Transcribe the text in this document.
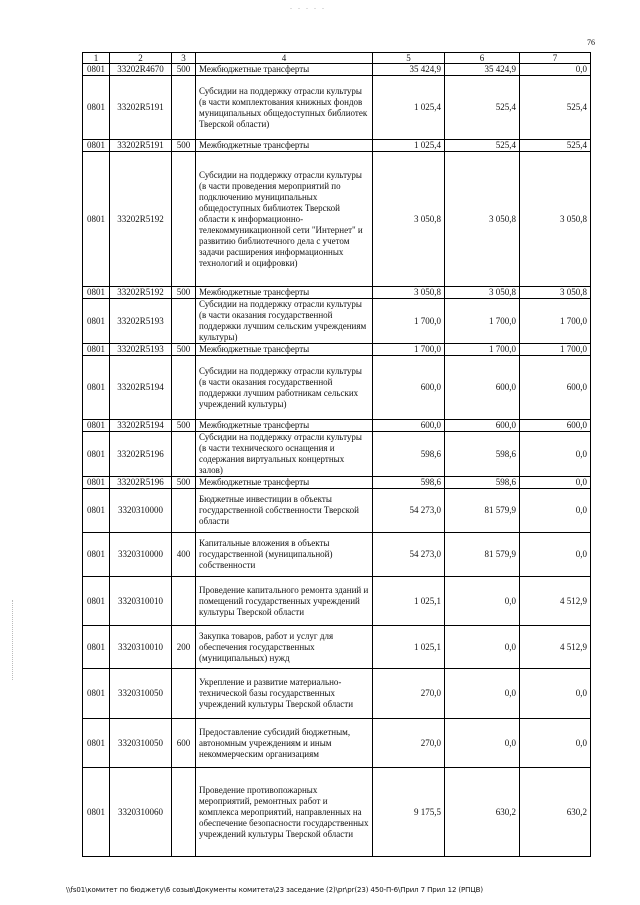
. . . . .
76
1	2	3	4	5	6	7
0801	33202R4670	500	Межбюджетные трансферты	35 424,9	35 424,9	0,0
0801	33202R5191		Субсидии на поддержку отрасли культуры (в части комплектования книжных фондов муниципальных общедоступных библиотек Тверской области)	1 025,4	525,4	525,4
0801	33202R5191	500	Межбюджетные трансферты	1 025,4	525,4	525,4
0801	33202R5192		Субсидии на поддержку отрасли культуры (в части проведения мероприятий по подключению муниципальных общедоступных библиотек Тверской области к информационно-телекоммуникационной сети "Интернет" и развитию библиотечного дела с учетом задачи расширения информационных технологий и оцифровки)	3 050,8	3 050,8	3 050,8
0801	33202R5192	500	Межбюджетные трансферты	3 050,8	3 050,8	3 050,8
0801	33202R5193		Субсидии на поддержку отрасли культуры (в части оказания государственной поддержки лучшим сельским учреждениям культуры)	1 700,0	1 700,0	1 700,0
0801	33202R5193	500	Межбюджетные трансферты	1 700,0	1 700,0	1 700,0
0801	33202R5194		Субсидии на поддержку отрасли культуры (в части оказания государственной поддержки лучшим работникам сельских учреждений культуры)	600,0	600,0	600,0
0801	33202R5194	500	Межбюджетные трансферты	600,0	600,0	600,0
0801	33202R5196		Субсидии на поддержку отрасли культуры (в части технического оснащения и содержания виртуальных концертных залов)	598,6	598,6	0,0
0801	33202R5196	500	Межбюджетные трансферты	598,6	598,6	0,0
0801	3320310000		Бюджетные инвестиции в объекты государственной собственности Тверской области	54 273,0	81 579,9	0,0
0801	3320310000	400	Капитальные вложения в объекты государственной (муниципальной) собственности	54 273,0	81 579,9	0,0
0801	3320310010		Проведение капитального ремонта зданий и помещений государственных учреждений культуры Тверской области	1 025,1	0,0	4 512,9
0801	3320310010	200	Закупка товаров, работ и услуг для обеспечения государственных (муниципальных) нужд	1 025,1	0,0	4 512,9
0801	3320310050		Укрепление и развитие материально-технической базы государственных учреждений культуры Тверской области	270,0	0,0	0,0
0801	3320310050	600	Предоставление субсидий бюджетным, автономным учреждениям и иным некоммерческим организациям	270,0	0,0	0,0
0801	3320310060		Проведение противопожарных мероприятий, ремонтных работ и комплекса мероприятий, направленных на обеспечение безопасности государственных учреждений культуры Тверской области	9 175,5	630,2	630,2
\\fs01\комитет по бюджету\6 созыв\Документы комитета\23 заседание (2)\pr\pr(23) 450-П-6\Прил 7 Прил 12 (РПЦВ)
